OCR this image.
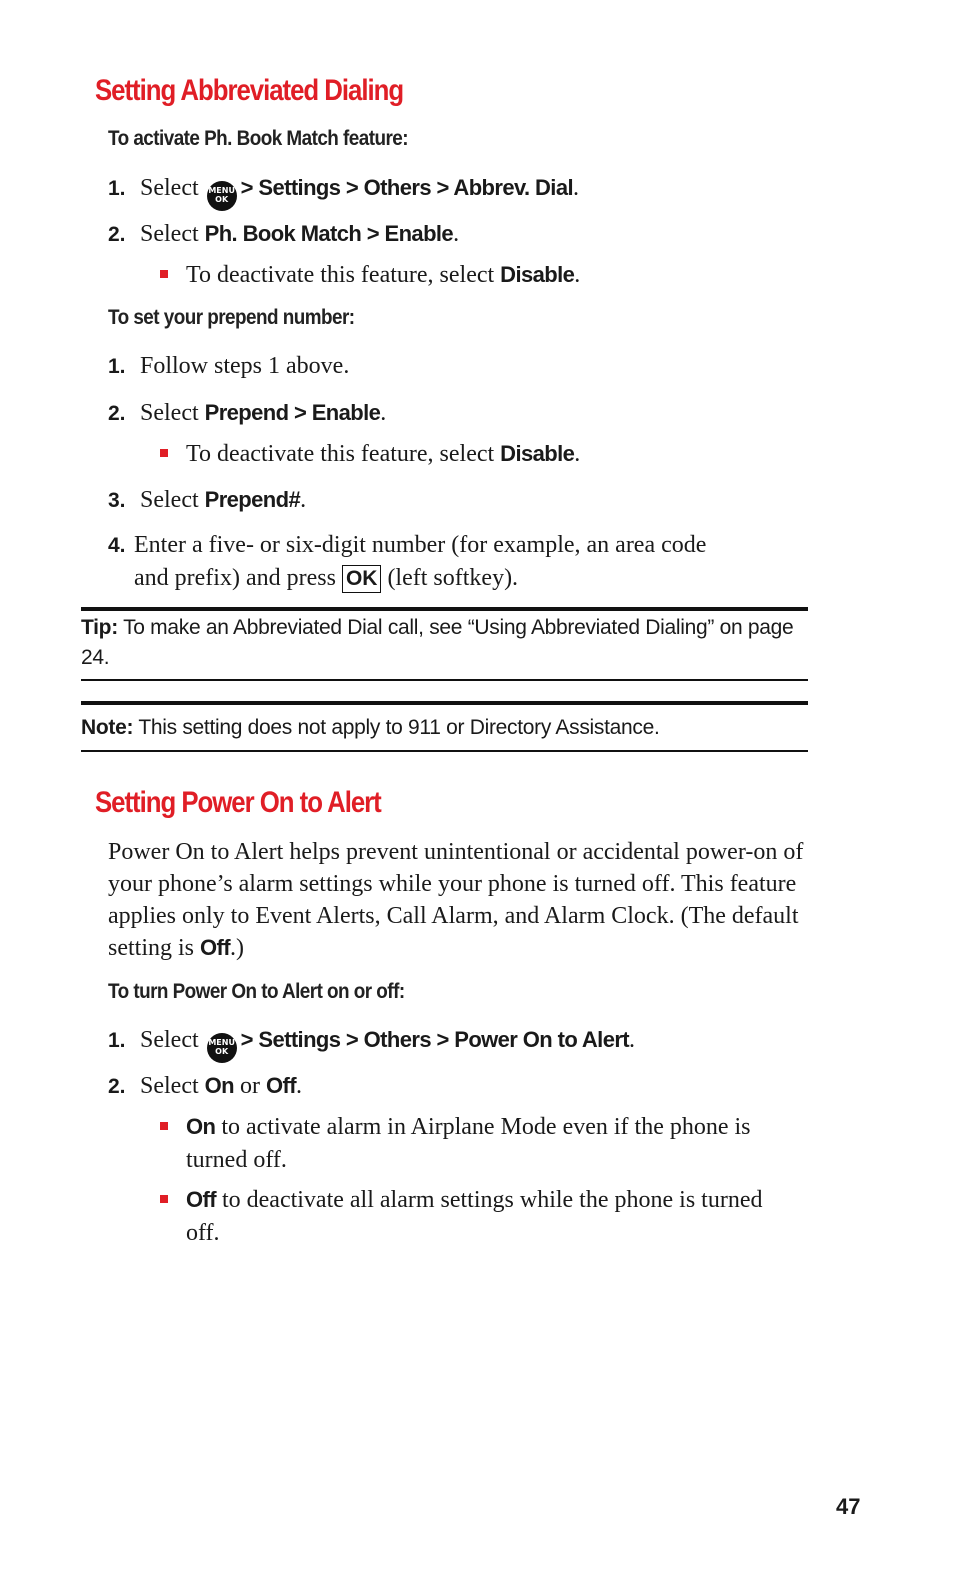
Setting Abbreviated Dialing

To activate Ph. Book Match feature:

1. Select MENU
OK > Settings > Others > Abbrev. Dial.
2. Select Ph. Book Match > Enable.
To deactivate this feature, select Disable.

To set your prepend number:

1. Follow steps 1 above.
2. Select Prepend > Enable.
To deactivate this feature, select Disable.
3. Select Prepend#.
4. Enter a five- or six-digit number (for example, an area code
and prefix) and press OK (left softkey).
Tip: To make an Abbreviated Dial call, see “Using Abbreviated Dialing” on page 24.
Note: This setting does not apply to 911 or Directory Assistance.
Setting Power On to Alert

Power On to Alert helps prevent unintentional or accidental power-on of your phone’s alarm settings while your phone is turned off. This feature applies only to Event Alerts, Call Alarm, and Alarm Clock. (The default setting is Off.)

To turn Power On to Alert on or off:

1. Select MENU
OK > Settings > Others > Power On to Alert.
2. Select On or Off.
On to activate alarm in Airplane Mode even if the phone is turned off.
Off to deactivate all alarm settings while the phone is turned off.
47
